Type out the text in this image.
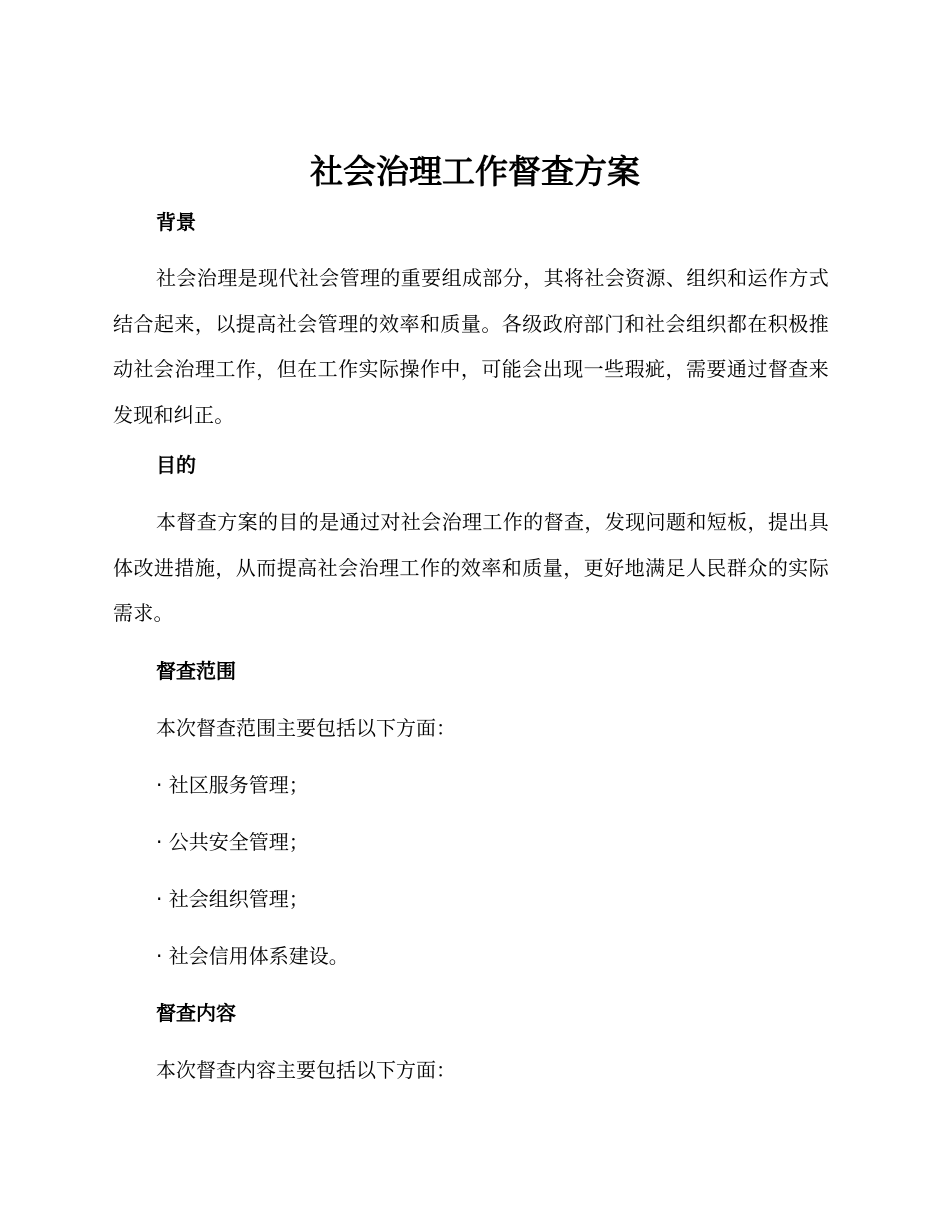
社会治理工作督查方案
背景

社会治理是现代社会管理的重要组成部分，其将社会资源、组织和运作方式结合起来，以提高社会管理的效率和质量。各级政府部门和社会组织都在积极推动社会治理工作，但在工作实际操作中，可能会出现一些瑕疵，需要通过督查来发现和纠正。

目的

本督查方案的目的是通过对社会治理工作的督查，发现问题和短板，提出具体改进措施，从而提高社会治理工作的效率和质量，更好地满足人民群众的实际需求。

督查范围
本次督查范围主要包括以下方面：
· 社区服务管理；
· 公共安全管理；
· 社会组织管理；
· 社会信用体系建设。
督查内容
本次督查内容主要包括以下方面：
